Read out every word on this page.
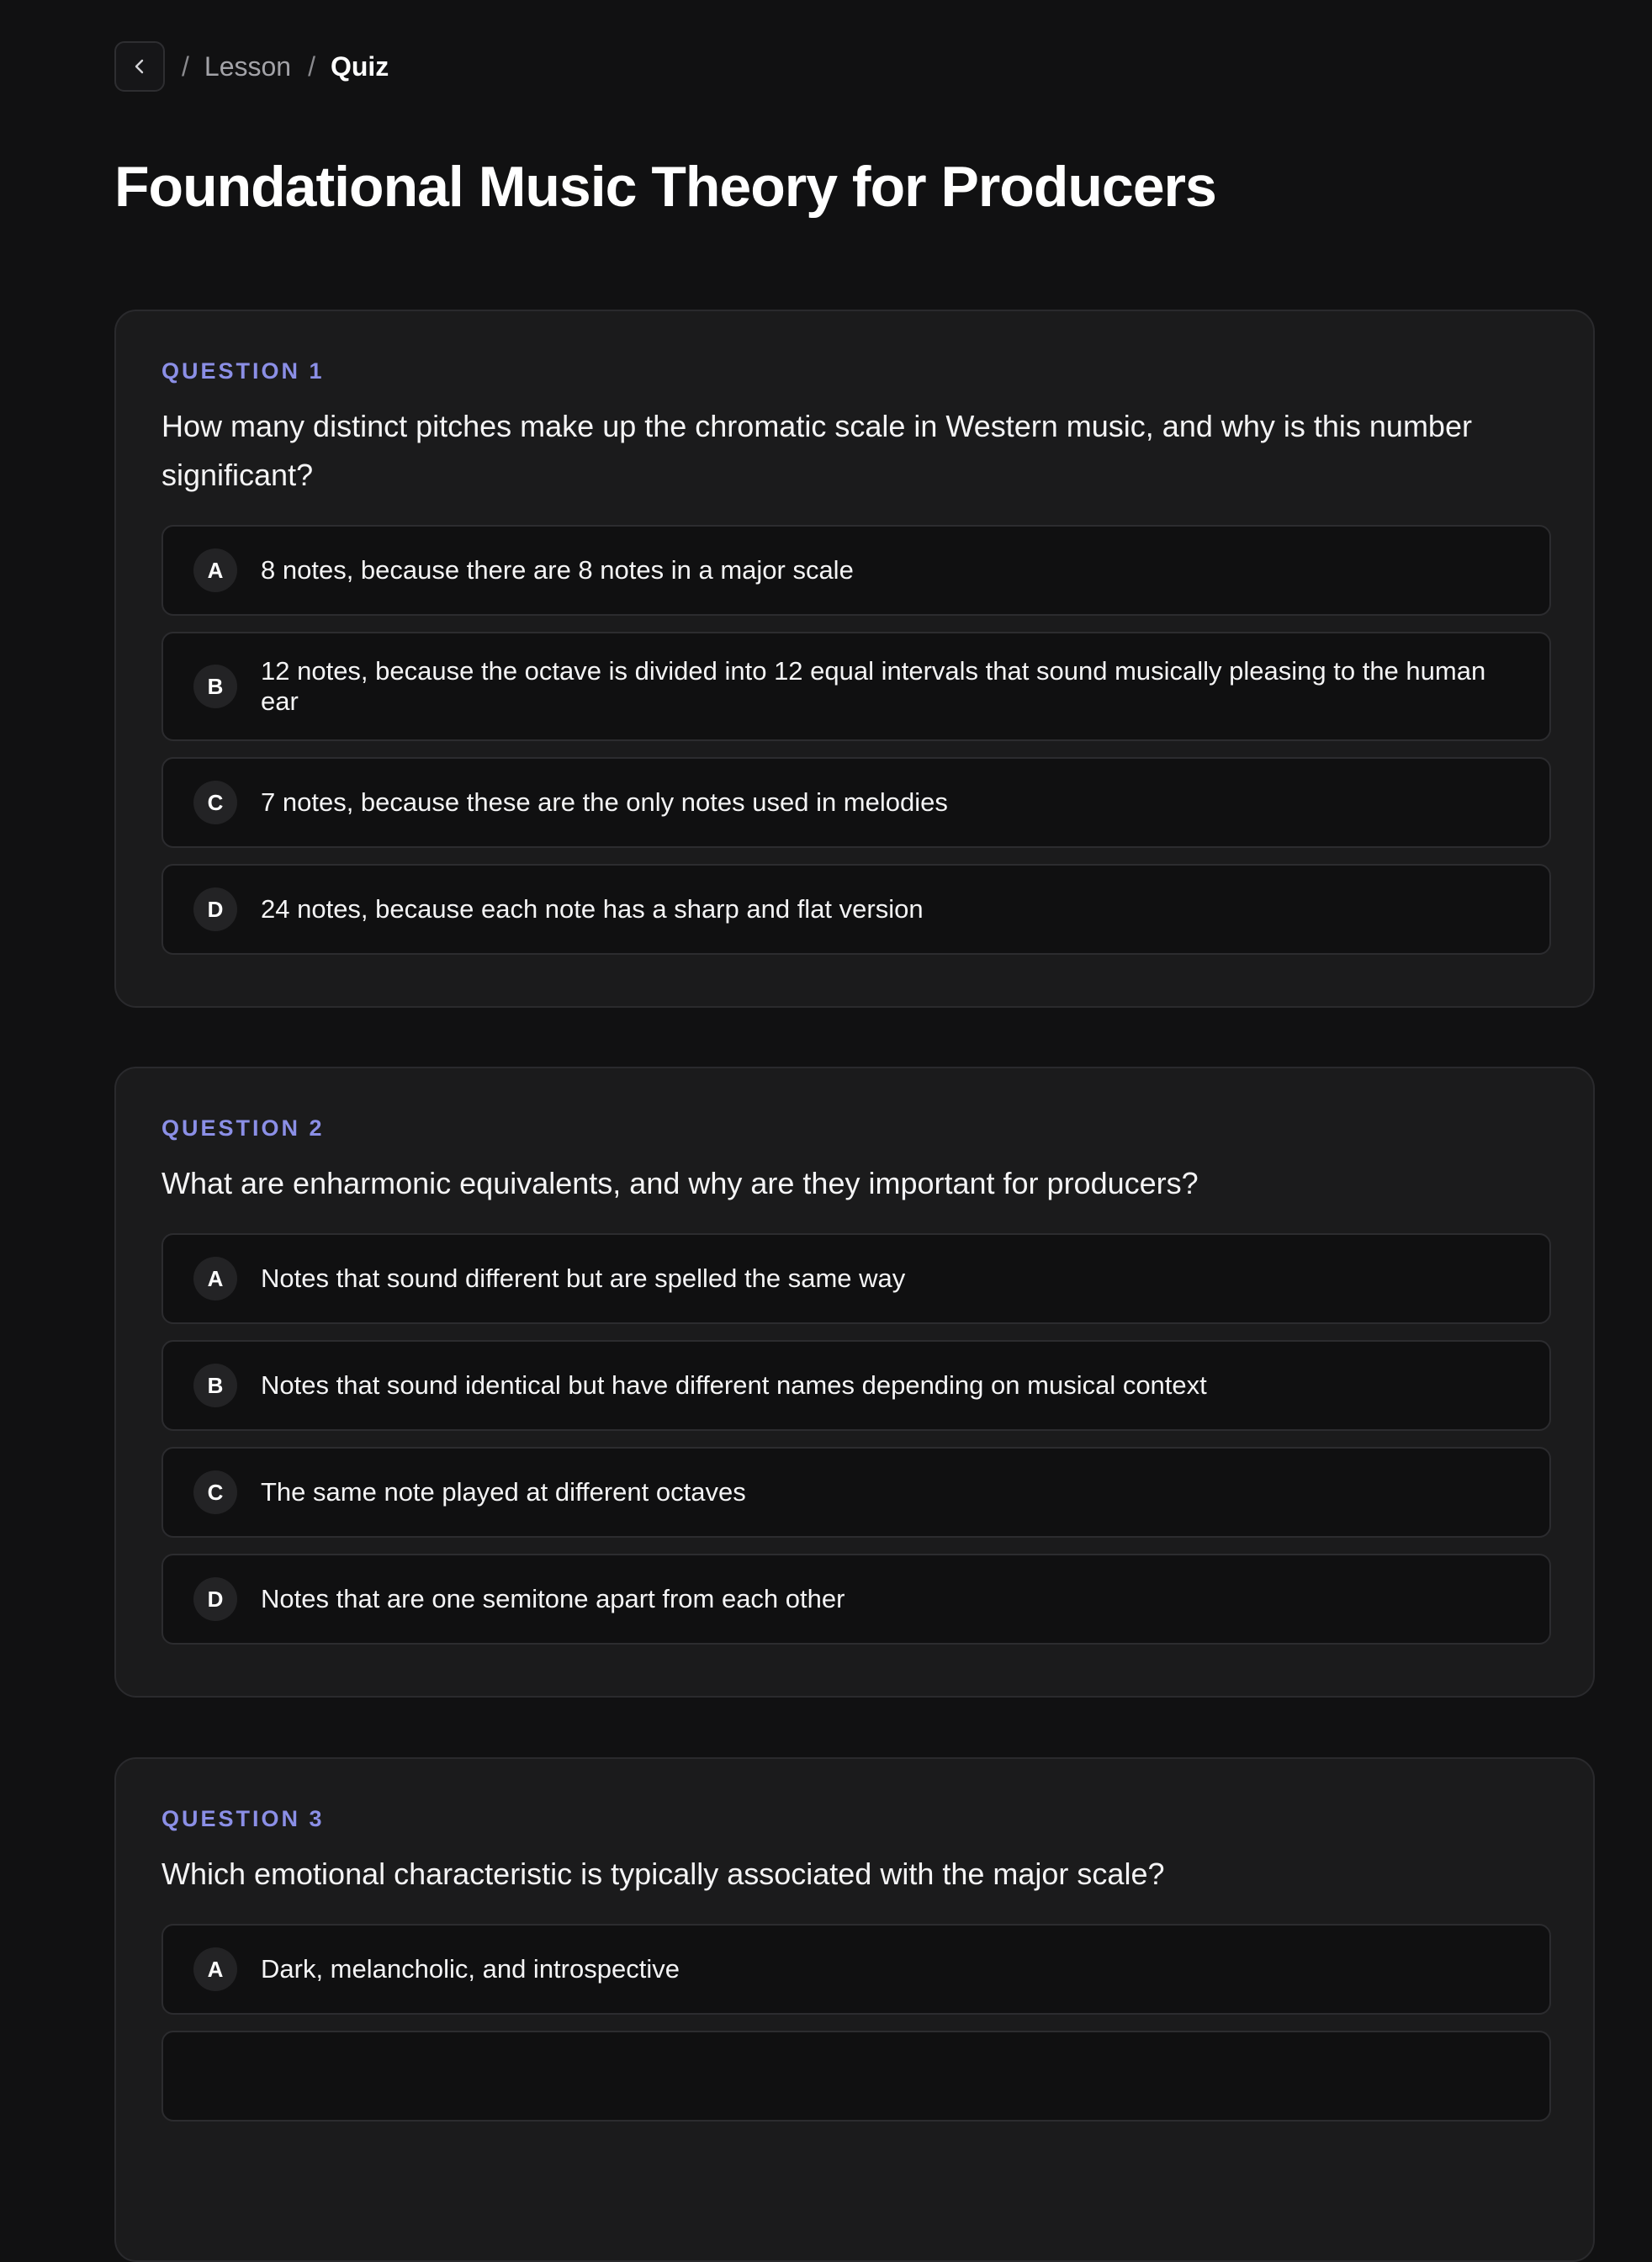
/ Lesson / Quiz
Foundational Music Theory for Producers
QUESTION 1

How many distinct pitches make up the chromatic scale in Western music, and why is this number significant?

A	8 notes, because there are 8 notes in a major scale
B
12 notes, because the octave is divided into 12 equal intervals that sound musically pleasing to the human ear
C	7 notes, because these are the only notes used in melodies
D	24 notes, because each note has a sharp and flat version
QUESTION 2

What are enharmonic equivalents, and why are they important for producers?

A	Notes that sound different but are spelled the same way
B	Notes that sound identical but have different names depending on musical context
C	The same note played at different octaves
D	Notes that are one semitone apart from each other
QUESTION 3

Which emotional characteristic is typically associated with the major scale?

A	Dark, melancholic, and introspective
